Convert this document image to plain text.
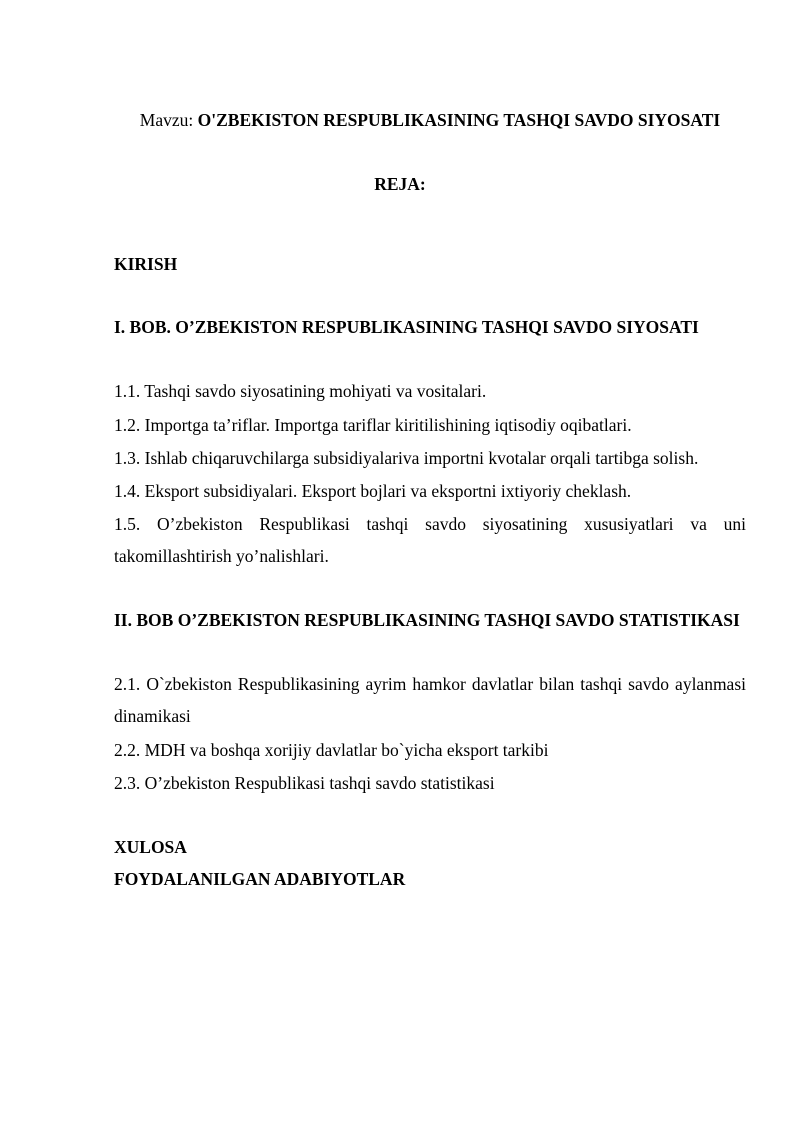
Mavzu: O'ZBEKISTON RESPUBLIKASINING TASHQI SAVDO SIYOSATI
REJA:
KIRISH
I. BOB. O’ZBEKISTON RESPUBLIKASINING TASHQI SAVDO SIYOSATI
1.1. Tashqi savdo siyosatining mohiyati va vositalari.
1.2. Importga ta’riflar. Importga tariflar kiritilishining iqtisodiy oqibatlari.
1.3. Ishlab chiqaruvchilarga subsidiyalariva importni kvotalar orqali tartibga solish.
1.4. Eksport subsidiyalari. Eksport bojlari va eksportni ixtiyoriy cheklash.
1.5. O’zbekiston Respublikasi tashqi savdo siyosatining xususiyatlari va uni takomillashtirish yo’nalishlari.
II. BOB O’ZBEKISTON RESPUBLIKASINING TASHQI SAVDO STATISTIKASI
2.1. O`zbekiston Respublikasining ayrim hamkor davlatlar bilan tashqi savdo aylanmasi dinamikasi
2.2. MDH va boshqa xorijiy davlatlar bo`yicha eksport tarkibi
2.3. O’zbekiston Respublikasi tashqi savdo statistikasi
XULOSA
FOYDALANILGAN ADABIYOTLAR
